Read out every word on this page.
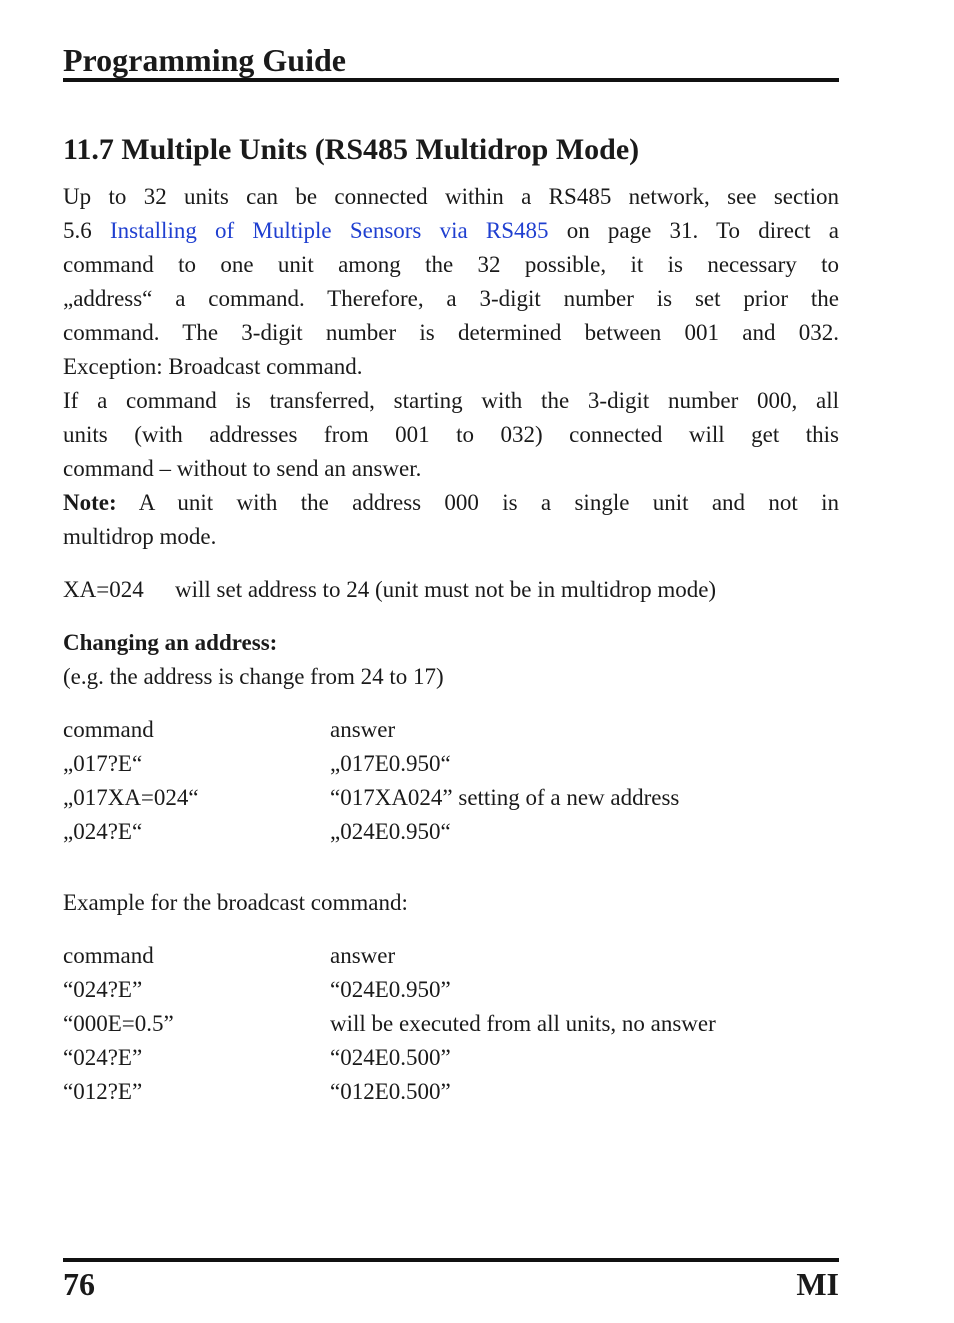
Programming Guide
11.7 Multiple Units (RS485 Multidrop Mode)
Up to 32 units can be connected within a RS485 network, see section
5.6 Installing of Multiple Sensors via RS485 on page 31. To direct a
command to one unit among the 32 possible, it is necessary to
„address“ a command. Therefore, a 3-digit number is set prior the
command. The 3-digit number is determined between 001 and 032.
Exception: Broadcast command.
If a command is transferred, starting with the 3-digit number 000, all
units (with addresses from 001 to 032) connected will get this
command – without to send an answer.
Note: A unit with the address 000 is a single unit and not in
multidrop mode.
XA=024 will set address to 24 (unit must not be in multidrop mode)
Changing an address:
(e.g. the address is change from 24 to 17)
command	answer
„017?E“	„017E0.950“
„017XA=024“	“017XA024” setting of a new address
„024?E“	„024E0.950“
Example for the broadcast command:
command	answer
“024?E”	“024E0.950”
“000E=0.5”	will be executed from all units, no answer
“024?E”	“024E0.500”
“012?E”	“012E0.500”
76	MI
